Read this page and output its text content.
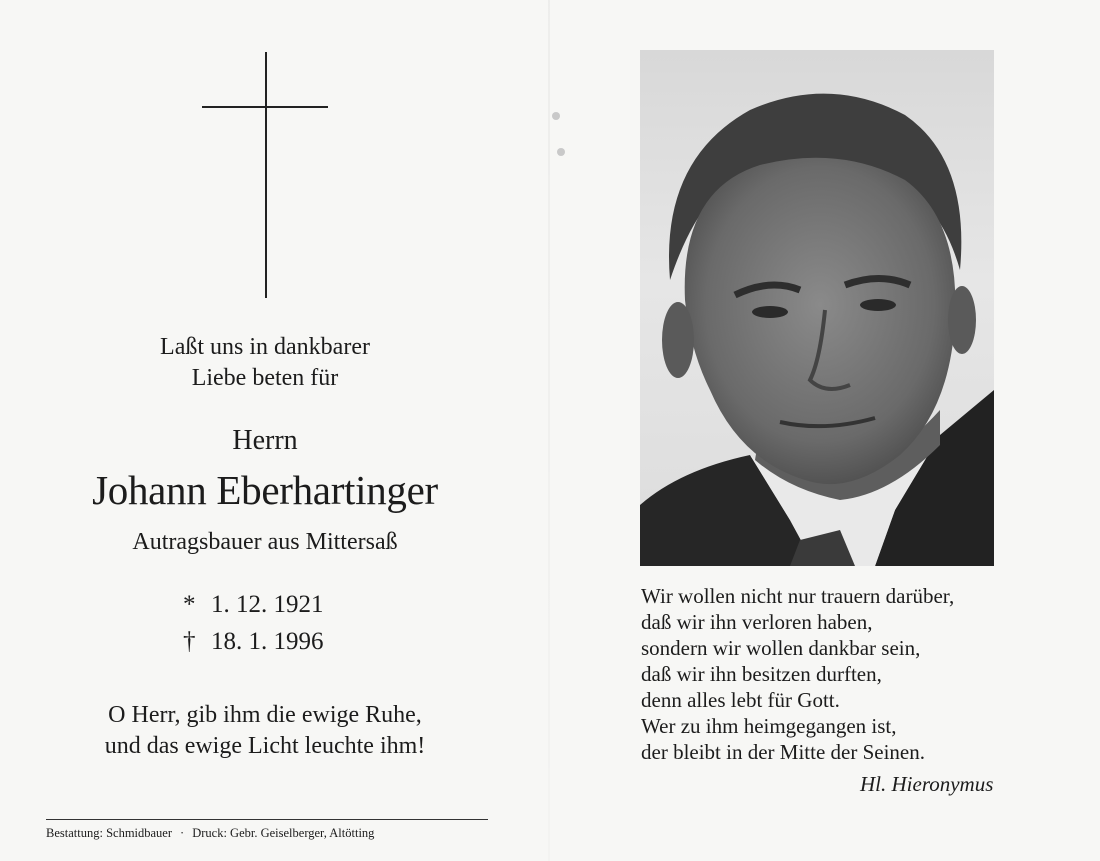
Laßt uns in dankbarer
Liebe beten für
Herrn
Johann Eberhartinger
Autragsbauer aus Mittersaß
* 1. 12. 1921
† 18. 1. 1996
O Herr, gib ihm die ewige Ruhe,
und das ewige Licht leuchte ihm!
Bestattung: Schmidbauer · Druck: Gebr. Geiselberger, Altötting
Wir wollen nicht nur trauern darüber,
daß wir ihn verloren haben,
sondern wir wollen dankbar sein,
daß wir ihn besitzen durften,
denn alles lebt für Gott.
Wer zu ihm heimgegangen ist,
der bleibt in der Mitte der Seinen.
Hl. Hieronymus
